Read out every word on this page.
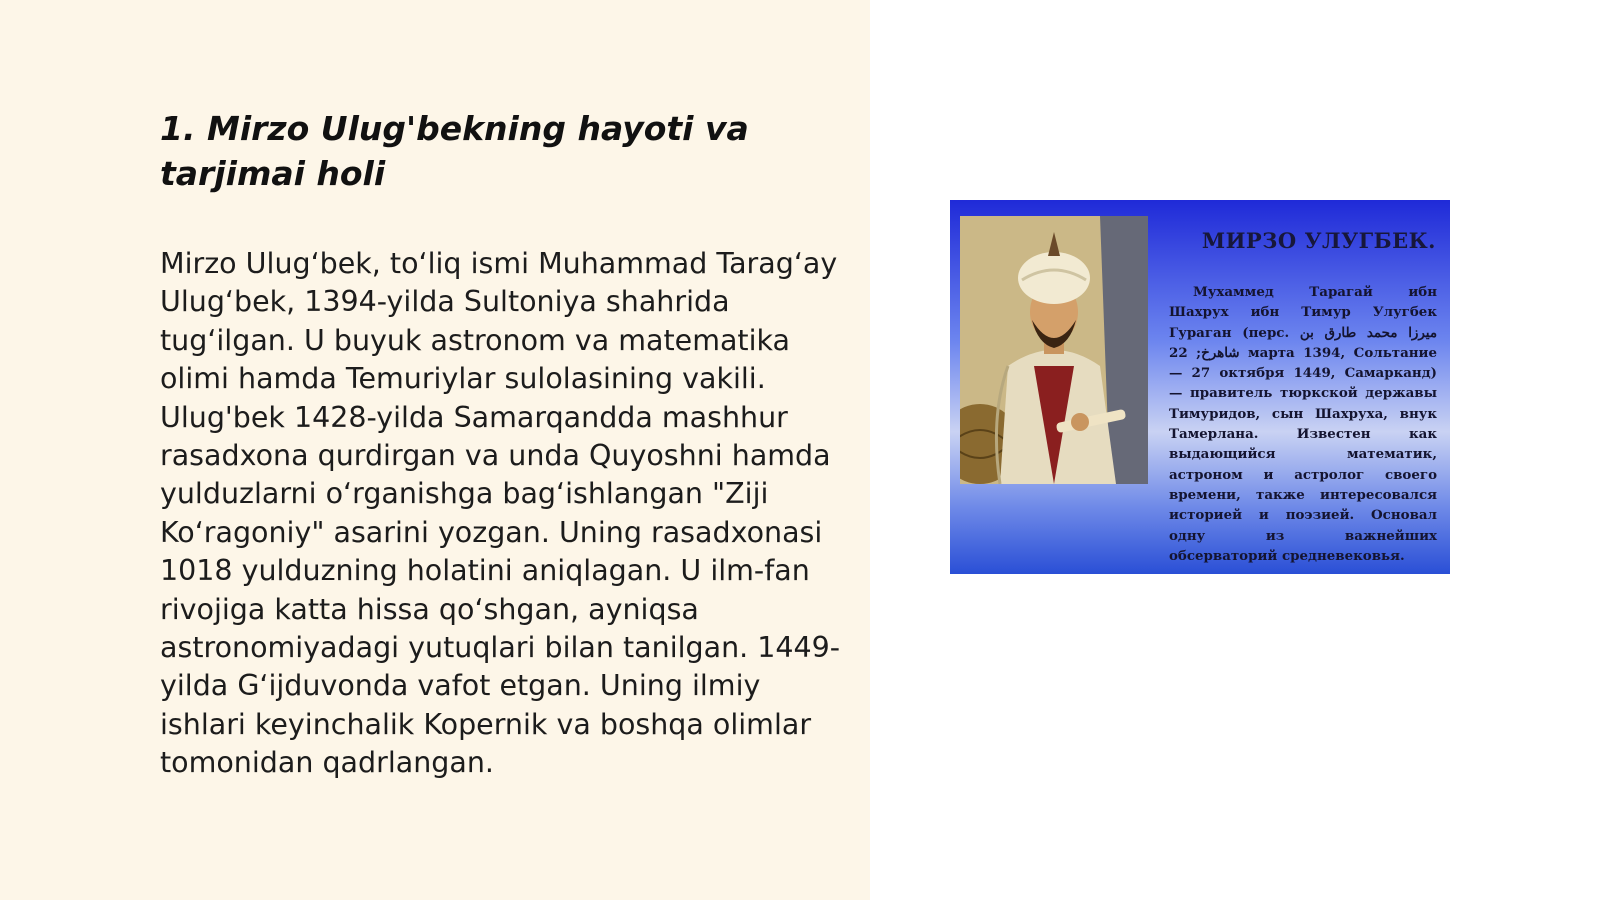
1. Mirzo Ulug'bekning hayoti va tarjimai holi

Mirzo Ulugʻbek, toʻliq ismi Muhammad Taragʻay Ulugʻbek, 1394-yilda Sultoniya shahrida tugʻilgan. U buyuk astronom va matematika olimi hamda Temuriylar sulolasining vakili. Ulug'bek 1428-yilda Samarqandda mashhur rasadxona qurdirgan va unda Quyoshni hamda yulduzlarni oʻrganishga bagʻishlangan "Ziji Koʻragoniy" asarini yozgan. Uning rasadxonasi 1018 yulduzning holatini aniqlagan. U ilm-fan rivojiga katta hissa qoʻshgan, ayniqsa astronomiyadagi yutuqlari bilan tanilgan. 1449-yilda Gʻijduvonda vafot etgan. Uning ilmiy ishlari keyinchalik Kopernik va boshqa olimlar tomonidan qadrlangan.

МИРЗО УЛУГБЕК.

Мухаммед Тарагай ибн Шахрух ибн Тимур Улугбек Гураган (перс. میرزا محمد طارق بن شاهرخ; 22 марта 1394, Сольтание — 27 октября 1449, Самарканд) — правитель тюркской державы Тимуридов, сын Шахруха, внук Тамерлана. Известен как выдающийся математик, астроном и астролог своего времени, также интересовался историей и поэзией. Основал одну из важнейших обсерваторий средневековья.
